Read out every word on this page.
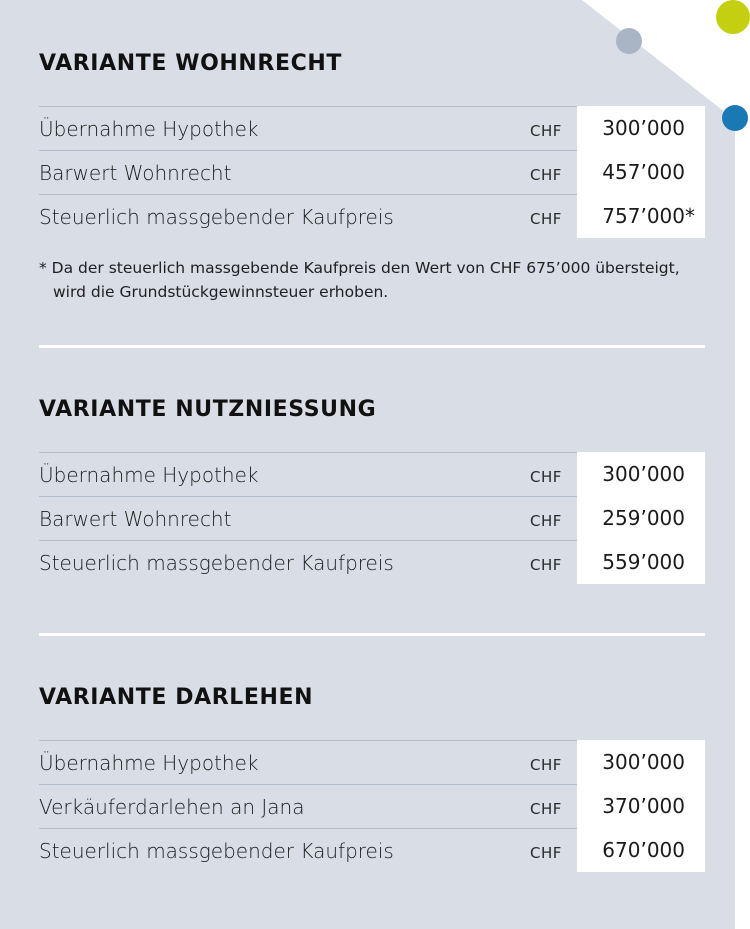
VARIANTE WOHNRECHT
Übernahme Hypothek	CHF 300’000
Barwert Wohnrecht	CHF 457’000
Steuerlich massgebender Kaufpreis	CHF 757’000*
* Da der steuerlich massgebende Kaufpreis den Wert von CHF 675’000 übersteigt,
wird die Grundstückgewinnsteuer erhoben.
VARIANTE NUTZNIESSUNG
Übernahme Hypothek	CHF 300’000
Barwert Wohnrecht	CHF 259’000
Steuerlich massgebender Kaufpreis	CHF 559’000
VARIANTE DARLEHEN
Übernahme Hypothek	CHF 300’000
Verkäuferdarlehen an Jana	CHF 370’000
Steuerlich massgebender Kaufpreis	CHF 670’000
